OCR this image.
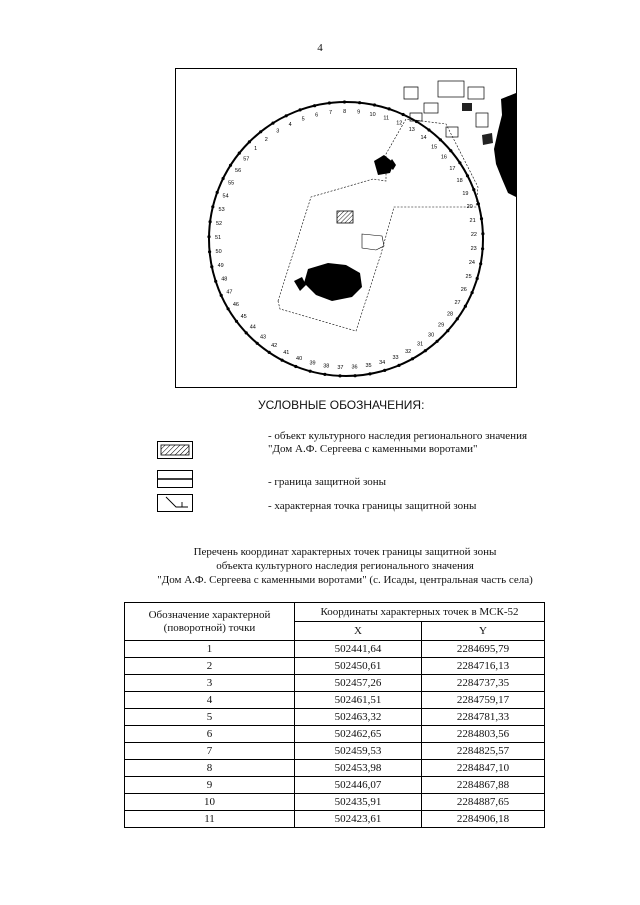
4
10
11
12
13
14
15
16
17
18
19
20
21
22
23
24
25
26
27
28
29
30
31
32
33
34
35
36
37
38
39
40
41
42
43
44
45
46
47
48
49
50
51
52
53
54
55
56
57
1
2
3
4
5
6 7 8 9
УСЛОВНЫЕ ОБОЗНАЧЕНИЯ:
- объект культурного наследия регионального значения "Дом А.Ф. Сергеева с каменными воротами"
- граница защитной зоны
- характерная точка границы защитной зоны
Перечень координат характерных точек границы защитной зоны
объекта культурного наследия регионального значения
"Дом А.Ф. Сергеева с каменными воротами" (с. Исады, центральная часть села)
Обозначение характерной (поворотной) точки	Координаты характерных точек в МСК-52	
	X	Y
1	502441,64	2284695,79
2	502450,61	2284716,13
3	502457,26	2284737,35
4	502461,51	2284759,17
5	502463,32	2284781,33
6	502462,65	2284803,56
7	502459,53	2284825,57
8	502453,98	2284847,10
9	502446,07	2284867,88
10	502435,91	2284887,65
11	502423,61	2284906,18
